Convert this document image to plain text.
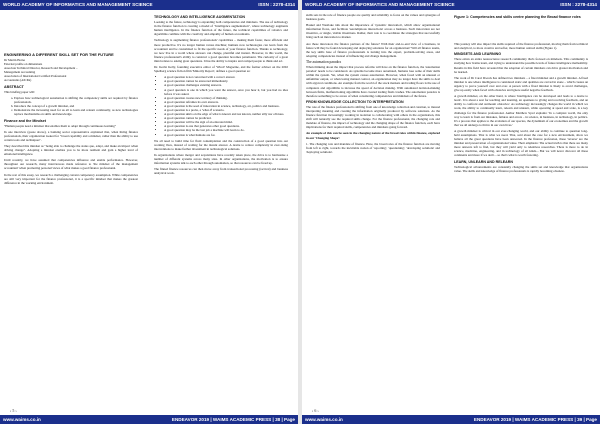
WORLD ACADEMY OF INFORMATICS AND MANAGEMENT SCIENCE	ISSN : 2278-4314
ENGINEERING A DIFFERENT SKILL SET FOR THE FUTURE
Dr Martin Horne
External profile on dimensions
Associate Technical Director, Research and Development –
Management Accounting
Association of International Certified Professional
Accountants (AICPA)
ABSTRACT

This briefing paper will:

a. Explore how technological automation is shifting the competency skills set required by finance professionals.
b. Introduce the concept of a growth mindset, and
c. Demonstrate the increasing need for us all to learn and relearn continually, as new technologies replace mechanisms on skills and knowledge.
Finance and the Mindset

"Human people need a mindset that enables them to adapt through continuous learning"

In one interview (quote above), a banking sector representative explained that, when hiring finance professionals, their organization looked for "broad capability and a mindset, rather than the ability to use certain tools and techniques".

They described this mindset as "being able to challenge the status quo, adapt, and make an impact when driving change". Adopting a mindset enables you to be more resilient and gain a higher level of emotional intelligence.

Until recently, we have assumed that competencies influence and enable performance. However, throughout our research, many interviewees made reference to 'the mindset of the management accountant' when promoting personal views of what makes a good finance professional.

In the rest of this essay, we research a challenging current competency assumption. While competencies are still very important for the finance professional, it is a specific mindset that makes the greatest difference in the working environment.

TECHNOLOGY AND INTELLIGENCE AUGMENTATION

Looking to the future, technology is expanding both competencies and mindsets. The use of technology in the finance function is creating a model of "intelligence augmentation", where technology augments human intelligence. In the finance function of the future, the technical capabilities of robotics and algorithms combine with the creativity and empathy of human accountants.

Technology is augmenting finance professionals' capabilities – making them faster, more efficient and more productive. It's no longer human versus machine; humans now technologies can learn from the accountant and be customized to fit the specific needs of your finance function. Thanks to technology, we now live in a world where answers can change, plentiful and instant. However, in this world, the finance professional's ability to construct a good question becomes paramount. The curiosity of a great mind relates to asking great questions. It has the ability to inspire and compel people to think and act.

Dr. Kevin Kelly, founding executive editor of 'Wired' Magazine, and the former adviser on the 2002 Spielberg science fiction film 'Minority Report', defines a good question as:

• A good question is not concerned with a correct answer.
• A good question cannot be answered immediately.
• A good question challenges existing answers.
• A good question is one in which you want the answer, once you hear it, but you had no idea before it was asked.
• A good question creates new territory of thinking.
• A good question reframes its own answers.
• A good question is the seed of innovation in science, technology, art, politics and business.
• A good question is a probe, a 'what-if' scenario.
• A good question skirts on the edge of what is known and not known, neither silly nor obvious.
• A good question cannot be predicted.
• A good question will be the sign of an educated mind.
• A good question is one that generates other good questions.
• A good question may be the last job a machine will learn to do.
• A good question is what humans are for.

We all need to build time for fluid contemplation and the construction of a good question into our working lives, instead of waiting for the instant answer. A desire to reduce complexity in ever-rising interventions to make further investment in technological solutions.

In organizations where merger and acquisitions have recently taken place, the drive is to harmonise a number of different systems across many sites. In other organizations, the motivation is to ensure information systems talk to each other through automation, so that resources can be freed up.

The finned finance resources can then move away from transactional processing (tactical) and business analytical work.

‹ 5 ›
www.waims.co.in	ENDEAVOR 2019 | WAIMS ACADEMIC PRESS | 38 | Page
WORLD ACADEMY OF INFORMATICS AND MANAGEMENT SCIENCE	ISSN : 2278-4314

skills sets in the role of finance people are quality and reliability to focus on the values and synergies of business goals.

Haskel and Westlake talk about the importance of 'systemic innovation', which allow organizational information flows, and facilitate 'serendipitous interactions' across a business. Such innovation are not inventive, or single, visible inventions. Rather, their role is to coordinate the strategies that successfully bring such an innovation to market.

Are these innovators the finance partners of the future? With their end-to-end view of a business, in future will they be found developing and deploying solutions for an organization? Will all finance teams, the key skills base of finance professionals is turning into the expert, problem-solving areas, and adopting competencies instead of influencing and change management.

The automation paradox

When thinking about the impact that process reforms will have on the finance function, the 'automation paradox' needs to be considered. As systems become more automated, humans lose some of their skills within the system. Yet, when the system causes automation. However, when faced with an unusual or unfamiliar output, or when losing manual control, an organization may no longer have the skills to deal with atypical conditions. An example from the world of the stock markets and trading floors is the use of computers and algorithms to increase the speed of decision making. With automated decision-making between firms, malfunctioning algorithms have created trading flash crashes. The automation paradox is therefore something to be aware of when considering competencies and mindsets of the future.

FROM KNOWLEDGE COLLECTION TO INTERPRETATION

The role of the finance professional is shifting from one of knowledge collection and curation, to instead interpreting meaning and creating the information originally produced by software solutions. As the finance function increasingly working in isolation to collaborating with others in the organization, this shift will naturally see the required skills change. For the finance professional, the changing role and mandate of finance, the impact of technology and the changing shape of the finance function, each have implications for their required skills, competencies and mindsets going forward.

An example of this can be seen in the changing nature of the broad roles within finance, explored in our 'Changing Shape':

1. The changing role and mandate of finance. Here, the broad roles of the finance function are moving from left to right, towards the inevitable notion of 'reporting', 'questioning', 'developing solutions' and 'deploying solutions'.

Figure 1: Competencies and skills centre planning the Broad finance roles

This journey will also impact the skills required of the finance professional, moving them from technical and analytical, to more creative and softer, more human centred skills (Figure 1).

MINDSETS AND LEARNING

There exists an entire neuroscience research community that's focused on mindsets. This community is studying how brains learn, and trying to understand the possible levels of future intelligence malleability. Results in this field have revealed that the adoption of certain mindsets can drive greater motivation and be learned.

The work of Dr Carol Dweck has defined two mindsets – a fixed mindset and a growth mindset. A fixed mindset is one where intelligence is considered static and qualities are carved in stone – which creates an urgency to prove yourself over and over. A person with a fixed mindset is likely to avoid challenges, give up easily when faced with obstacles and ignore useful negative feedback.

A growth mindset, on the other hand, is where 'intelligence can be developed and leads to a desire to learn'. It is about a zest for teaching and learning, an openness to giving and receiving feedback, and an ability to confront and surmount obstacles'. As technology increasingly changes the world in which we work, the ability to continually learn, relearn and unlearn, while operating at speed and scale, is a key challenge for the finance professional. Author Matthew Syed explains: 'In a complex world, the only way to learn is from our mistakes, failures and errors – in science, in business, in technology, in politics. It's a process that applies to the evolution of our species, the dynamism of our economies and the growth that we all undergo to thrive in our own lives.'

A growth mindset is critical in our ever-changing world, and our ability to continue to question long-held assumptions. That is what we need. That, said about the case for a new environment, show we believe all the great questions have been answered. In the finance profession, these 'reverse' are the mindset and preservation of organizational value. Their emphasis: The actual truth is that there are many more answers left to find, but they will yield only to relentless researches. There is more to do in science, medicine, engineering, and in technology of all kinds... But we will never discover all these continents and more if we don't... so that's what is worth fostering.

LEARN, UNLEARN AND RELEARN

Technological advancements are constantly changing the skills set and knowledge that organizations value. The skills and knowledge of finance professionals is rapidly becoming obsolete.

‹ 6 ›
www.waims.co.in	ENDEAVOR 2019 | WAIMS ACADEMIC PRESS | 39 | Page
